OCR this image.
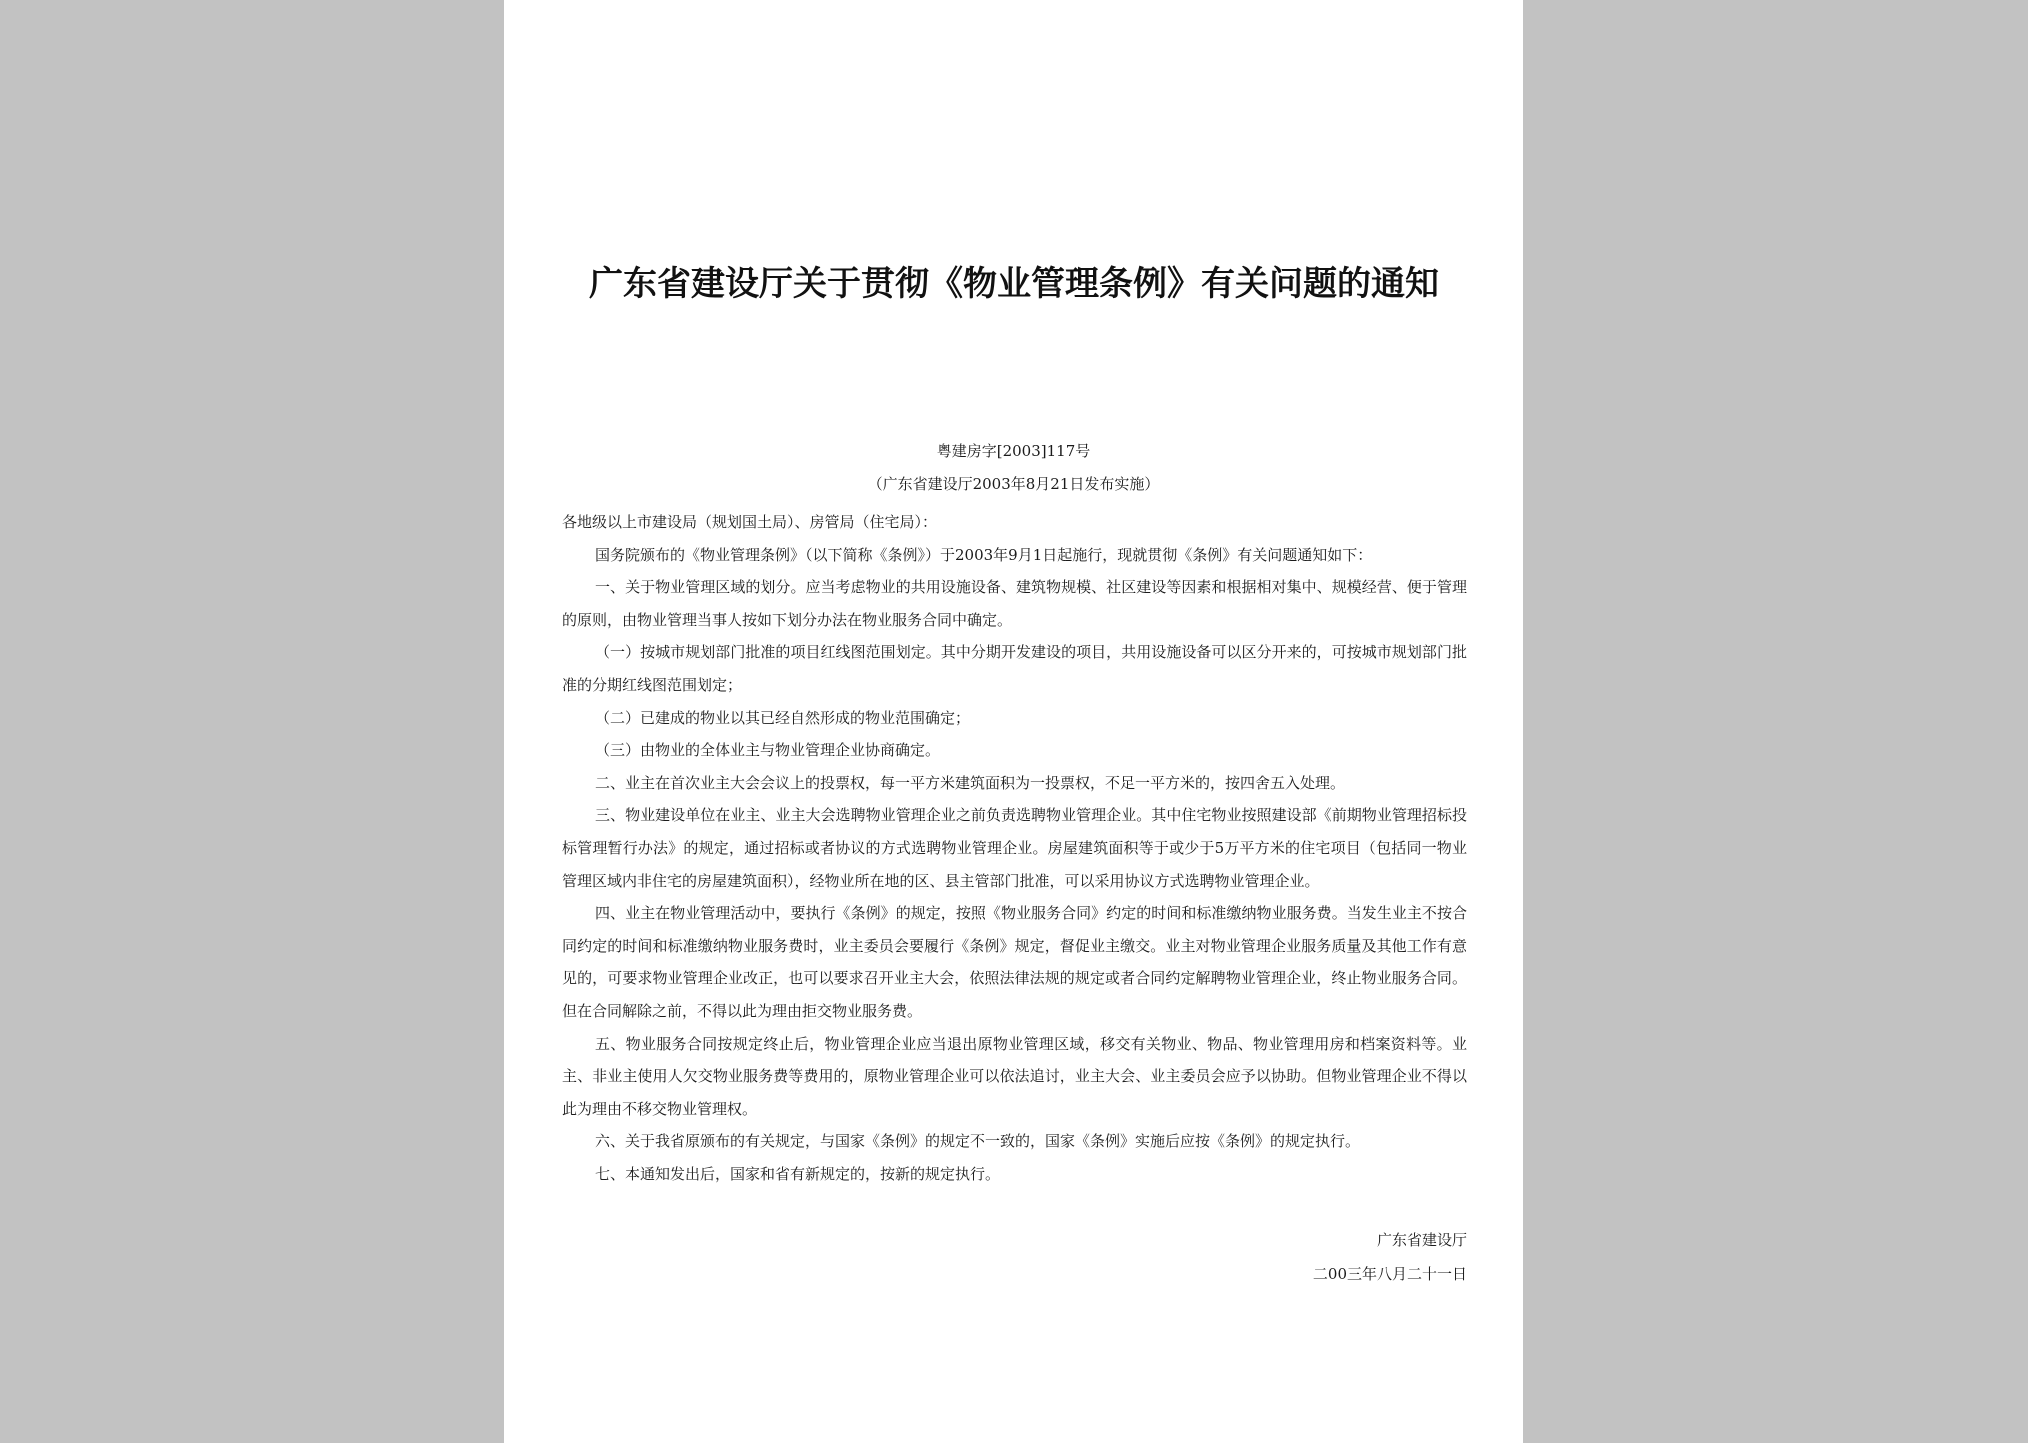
广东省建设厅关于贯彻《物业管理条例》有关问题的通知
粤建房字[2003]117号
（广东省建设厅2003年8月21日发布实施）

各地级以上市建设局（规划国土局）、房管局（住宅局）：

国务院颁布的《物业管理条例》（以下简称《条例》）于2003年9月1日起施行，现就贯彻《条例》有关问题通知如下：

一、关于物业管理区域的划分。应当考虑物业的共用设施设备、建筑物规模、社区建设等因素和根据相对集中、规模经营、便于管理的原则，由物业管理当事人按如下划分办法在物业服务合同中确定。

（一）按城市规划部门批准的项目红线图范围划定。其中分期开发建设的项目，共用设施设备可以区分开来的，可按城市规划部门批准的分期红线图范围划定；

（二）已建成的物业以其已经自然形成的物业范围确定；

（三）由物业的全体业主与物业管理企业协商确定。

二、业主在首次业主大会会议上的投票权，每一平方米建筑面积为一投票权，不足一平方米的，按四舍五入处理。

三、物业建设单位在业主、业主大会选聘物业管理企业之前负责选聘物业管理企业。其中住宅物业按照建设部《前期物业管理招标投标管理暂行办法》的规定，通过招标或者协议的方式选聘物业管理企业。房屋建筑面积等于或少于5万平方米的住宅项目（包括同一物业管理区域内非住宅的房屋建筑面积），经物业所在地的区、县主管部门批准，可以采用协议方式选聘物业管理企业。

四、业主在物业管理活动中，要执行《条例》的规定，按照《物业服务合同》约定的时间和标准缴纳物业服务费。当发生业主不按合同约定的时间和标准缴纳物业服务费时，业主委员会要履行《条例》规定，督促业主缴交。业主对物业管理企业服务质量及其他工作有意见的，可要求物业管理企业改正，也可以要求召开业主大会，依照法律法规的规定或者合同约定解聘物业管理企业，终止物业服务合同。但在合同解除之前，不得以此为理由拒交物业服务费。

五、物业服务合同按规定终止后，物业管理企业应当退出原物业管理区域，移交有关物业、物品、物业管理用房和档案资料等。业主、非业主使用人欠交物业服务费等费用的，原物业管理企业可以依法追讨，业主大会、业主委员会应予以协助。但物业管理企业不得以此为理由不移交物业管理权。

六、关于我省原颁布的有关规定，与国家《条例》的规定不一致的，国家《条例》实施后应按《条例》的规定执行。

七、本通知发出后，国家和省有新规定的，按新的规定执行。

广东省建设厅
二00三年八月二十一日
